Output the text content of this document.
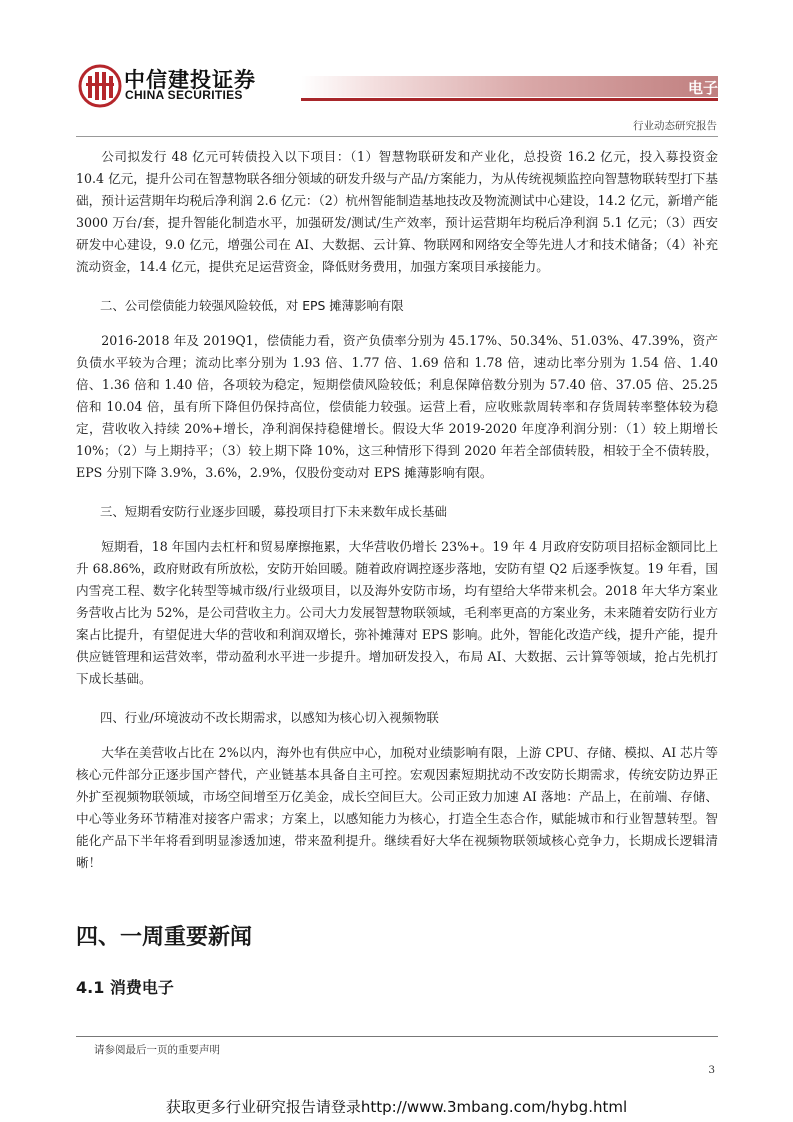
中信建投证券
CHINA SECURITIES	电子
行业动态研究报告

公司拟发行 48 亿元可转债投入以下项目：（1）智慧物联研发和产业化，总投资 16.2 亿元，投入募投资金 10.4 亿元，提升公司在智慧物联各细分领域的研发升级与产品/方案能力，为从传统视频监控向智慧物联转型打下基础，预计运营期年均税后净利润 2.6 亿元：（2）杭州智能制造基地技改及物流测试中心建设，14.2 亿元，新增产能 3000 万台/套，提升智能化制造水平，加强研发/测试/生产效率，预计运营期年均税后净利润 5.1 亿元；（3）西安研发中心建设，9.0 亿元，增强公司在 AI、大数据、云计算、物联网和网络安全等先进人才和技术储备；（4）补充流动资金，14.4 亿元，提供充足运营资金，降低财务费用，加强方案项目承接能力。

二、公司偿债能力较强风险较低，对 EPS 摊薄影响有限

2016-2018 年及 2019Q1，偿债能力看，资产负债率分别为 45.17%、50.34%、51.03%、47.39%，资产负债水平较为合理；流动比率分别为 1.93 倍、1.77 倍、1.69 倍和 1.78 倍，速动比率分别为 1.54 倍、1.40 倍、1.36 倍和 1.40 倍，各项较为稳定，短期偿债风险较低；利息保障倍数分别为 57.40 倍、37.05 倍、25.25 倍和 10.04 倍，虽有所下降但仍保持高位，偿债能力较强。运营上看，应收账款周转率和存货周转率整体较为稳定，营收收入持续 20%+增长，净利润保持稳健增长。假设大华 2019-2020 年度净利润分别：（1）较上期增长 10%；（2）与上期持平；（3）较上期下降 10%，这三种情形下得到 2020 年若全部债转股，相较于全不债转股，EPS 分别下降 3.9%，3.6%，2.9%，仅股份变动对 EPS 摊薄影响有限。

三、短期看安防行业逐步回暖，募投项目打下未来数年成长基础

短期看，18 年国内去杠杆和贸易摩擦拖累，大华营收仍增长 23%+。19 年 4 月政府安防项目招标金额同比上升 68.86%，政府财政有所放松，安防开始回暖。随着政府调控逐步落地，安防有望 Q2 后逐季恢复。19 年看，国内雪亮工程、数字化转型等城市级/行业级项目，以及海外安防市场，均有望给大华带来机会。2018 年大华方案业务营收占比为 52%，是公司营收主力。公司大力发展智慧物联领域，毛利率更高的方案业务，未来随着安防行业方案占比提升，有望促进大华的营收和利润双增长，弥补摊薄对 EPS 影响。此外，智能化改造产线，提升产能，提升供应链管理和运营效率，带动盈利水平进一步提升。增加研发投入，布局 AI、大数据、云计算等领域，抢占先机打下成长基础。

四、行业/环境波动不改长期需求，以感知为核心切入视频物联

大华在美营收占比在 2%以内，海外也有供应中心，加税对业绩影响有限，上游 CPU、存储、模拟、AI 芯片等核心元件部分正逐步国产替代，产业链基本具备自主可控。宏观因素短期扰动不改安防长期需求，传统安防边界正外扩至视频物联领域，市场空间增至万亿美金，成长空间巨大。公司正致力加速 AI 落地：产品上，在前端、存储、中心等业务环节精准对接客户需求；方案上，以感知能力为核心，打造全生态合作，赋能城市和行业智慧转型。智能化产品下半年将看到明显渗透加速，带来盈利提升。继续看好大华在视频物联领域核心竞争力，长期成长逻辑清晰！

四、一周重要新闻
4.1 消费电子
请参阅最后一页的重要声明
3
获取更多行业研究报告请登录http://www.3mbang.com/hybg.html
